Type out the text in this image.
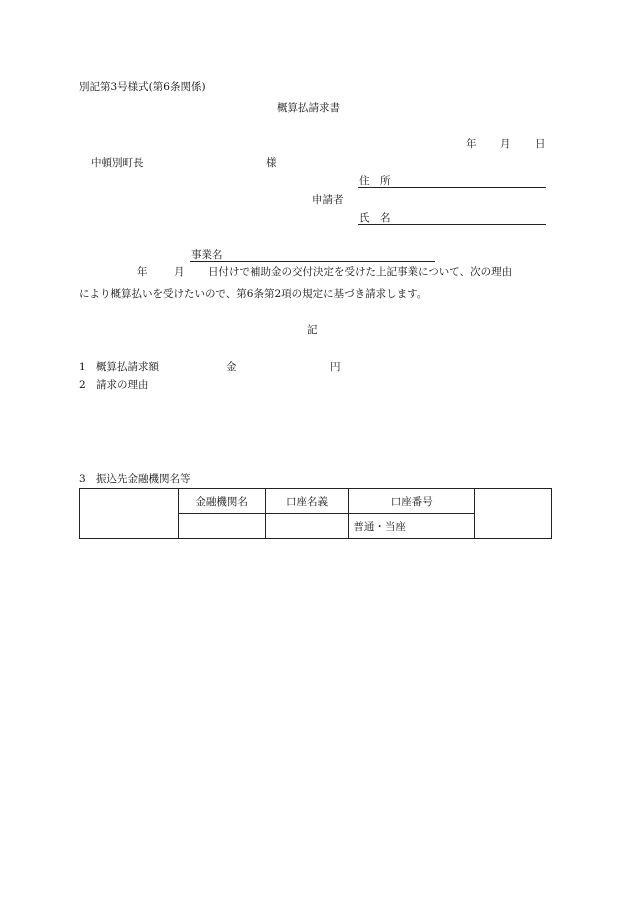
別記第3号様式(第6条関係)
概算払請求書
年 月 日
中頓別町長	様
住　所
申請者
氏　名
事業名
年	月 日付けで補助金の交付決定を受けた上記事業について、次の理由
により概算払いを受けたいので、第6条第2項の規定に基づき請求します。
記
1 概算払請求額	金	円
2 請求の理由
3 振込先金融機関名等
	金融機関名	口座名義	口座番号	
			普通・当座	
